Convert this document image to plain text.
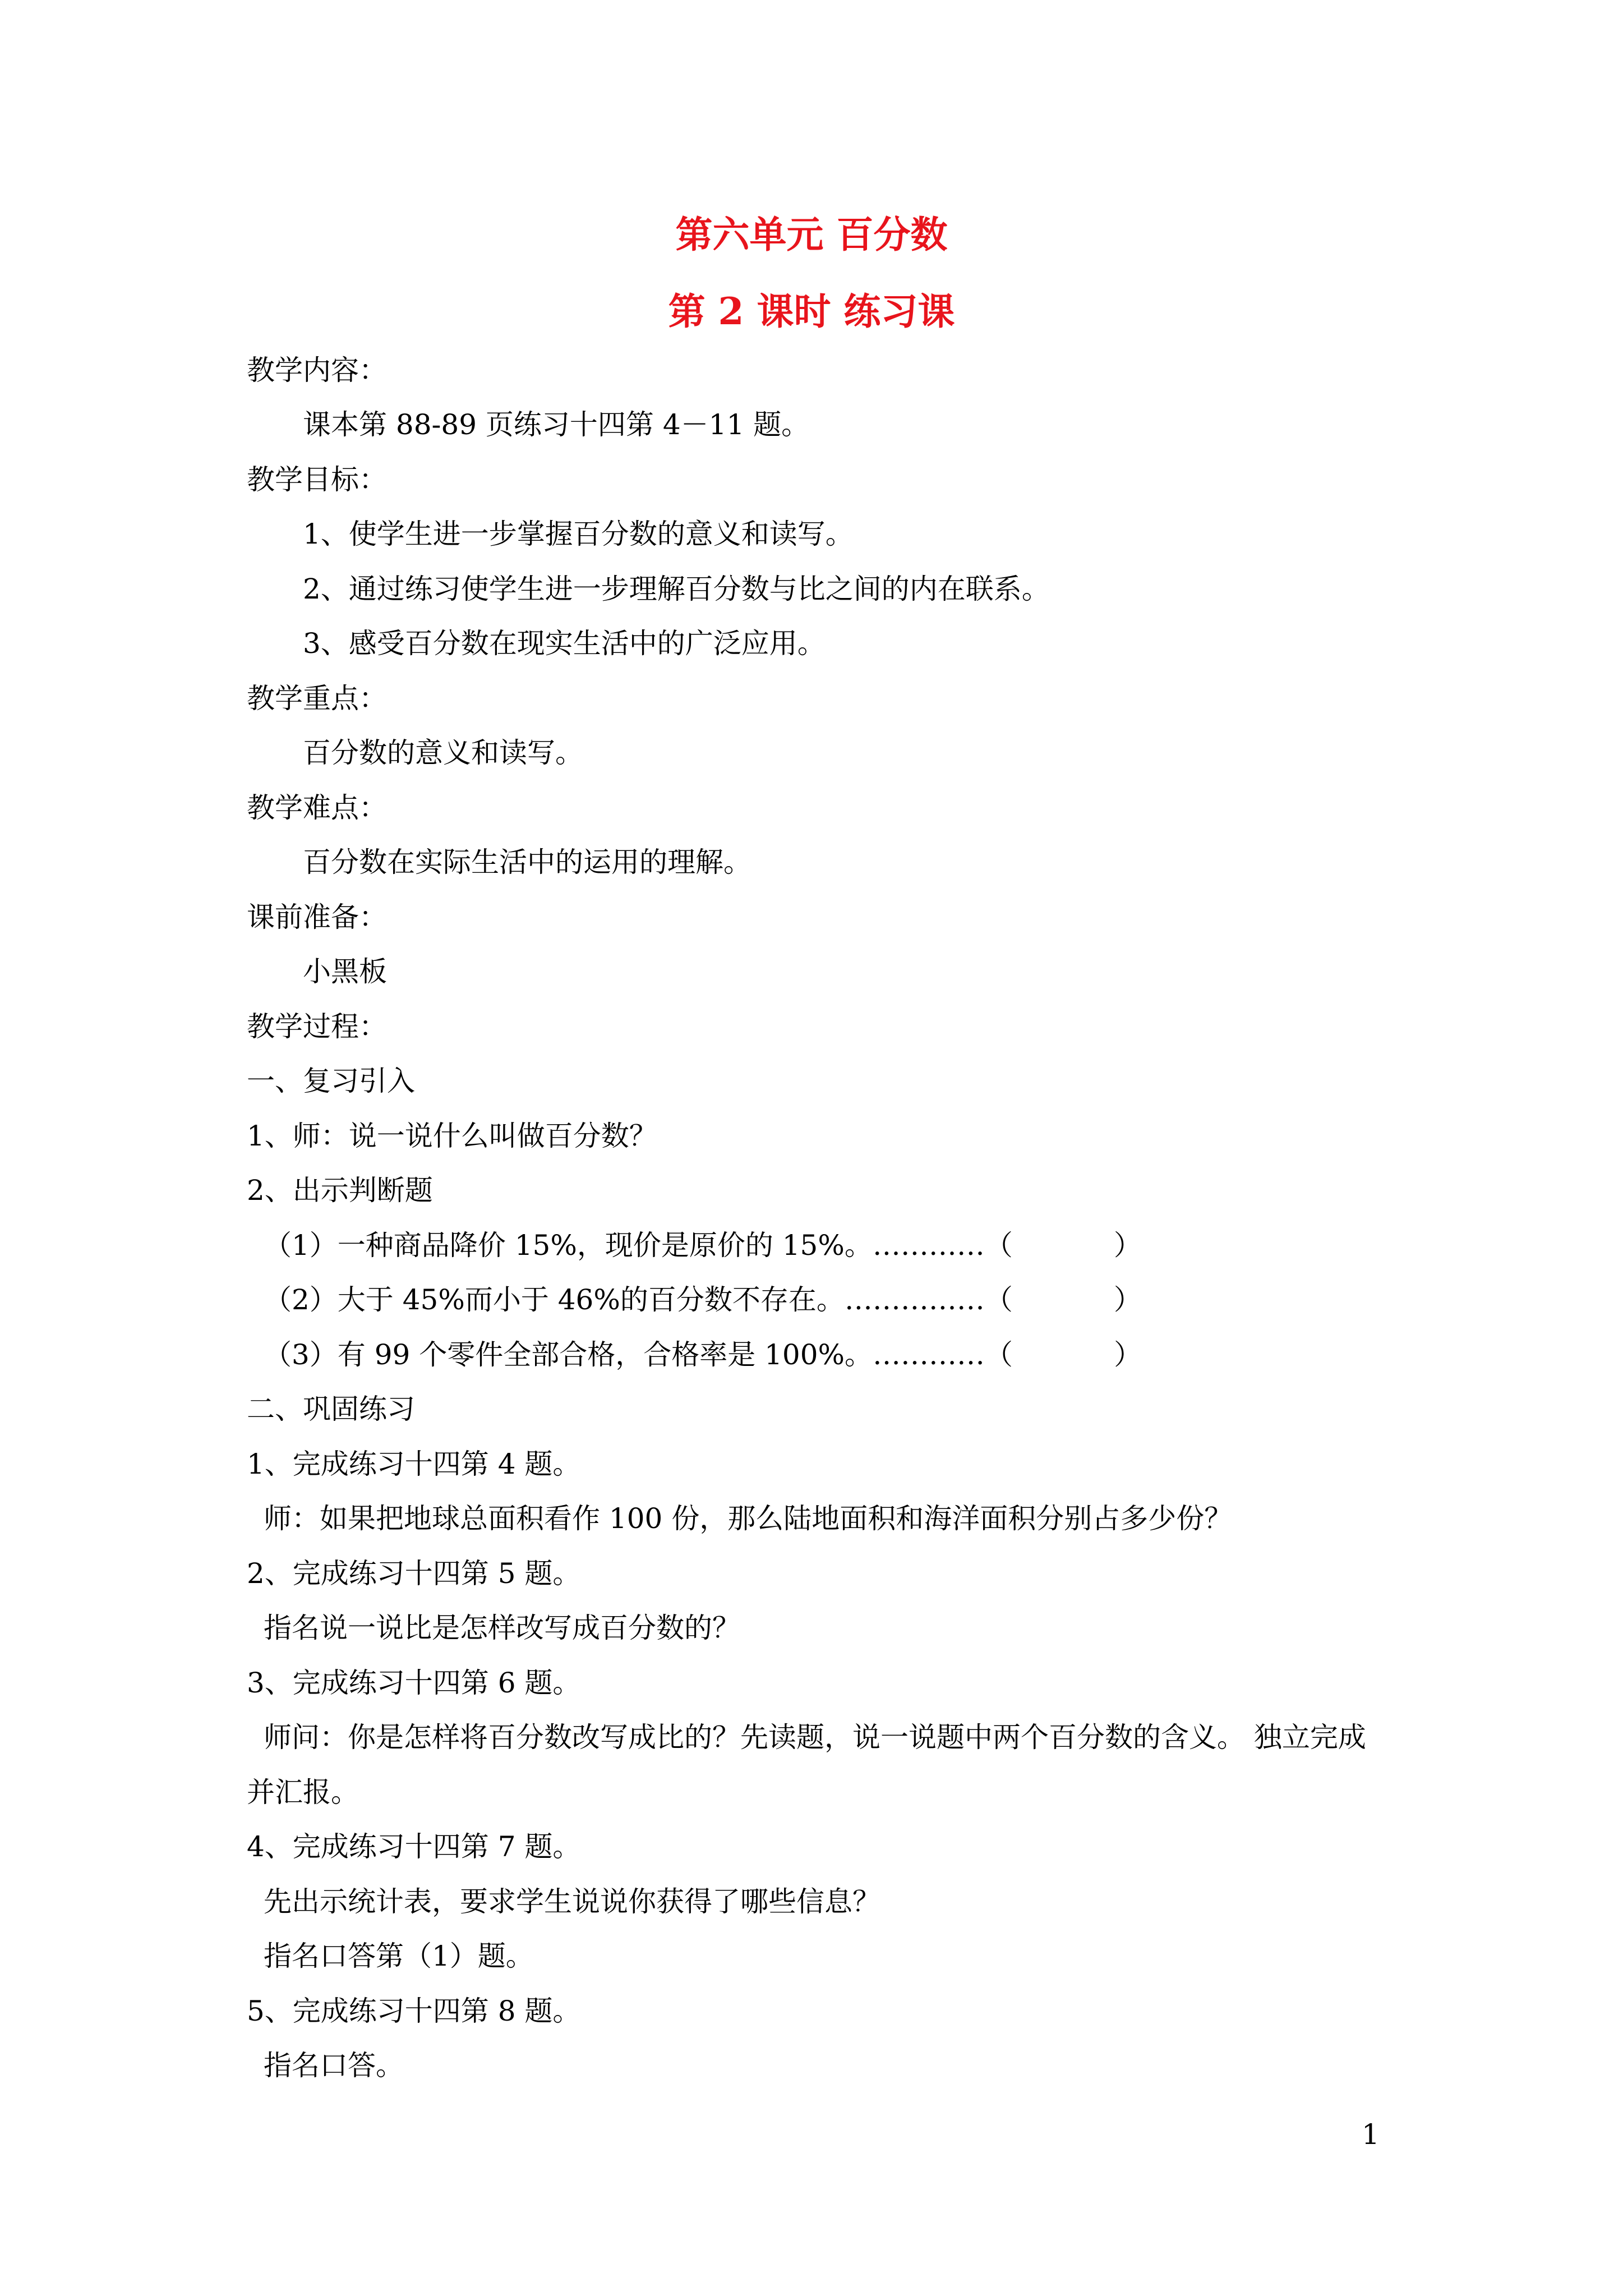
第六单元 百分数
第 2 课时 练习课
教学内容：
课本第 88-89 页练习十四第 4－11 题。
教学目标：
1、使学生进一步掌握百分数的意义和读写。
2、通过练习使学生进一步理解百分数与比之间的内在联系。
3、感受百分数在现实生活中的广泛应用。
教学重点：
百分数的意义和读写。
教学难点：
百分数在实际生活中的运用的理解。
课前准备：
小黑板
教学过程：
一、复习引入
1、师：说一说什么叫做百分数？
2、出示判断题
（1）一种商品降价 15%，现价是原价的 15%。…………（	）
（2）大于 45%而小于 46%的百分数不存在。……………（	）
（3）有 99 个零件全部合格，合格率是 100%。…………（	）
二、巩固练习
1、完成练习十四第 4 题。
师：如果把地球总面积看作 100 份，那么陆地面积和海洋面积分别占多少份？
2、完成练习十四第 5 题。
指名说一说比是怎样改写成百分数的？
3、完成练习十四第 6 题。
师问：你是怎样将百分数改写成比的？先读题，说一说题中两个百分数的含义。 独立完成
并汇报。
4、完成练习十四第 7 题。
先出示统计表，要求学生说说你获得了哪些信息？
指名口答第（1）题。
5、完成练习十四第 8 题。
指名口答。
1
